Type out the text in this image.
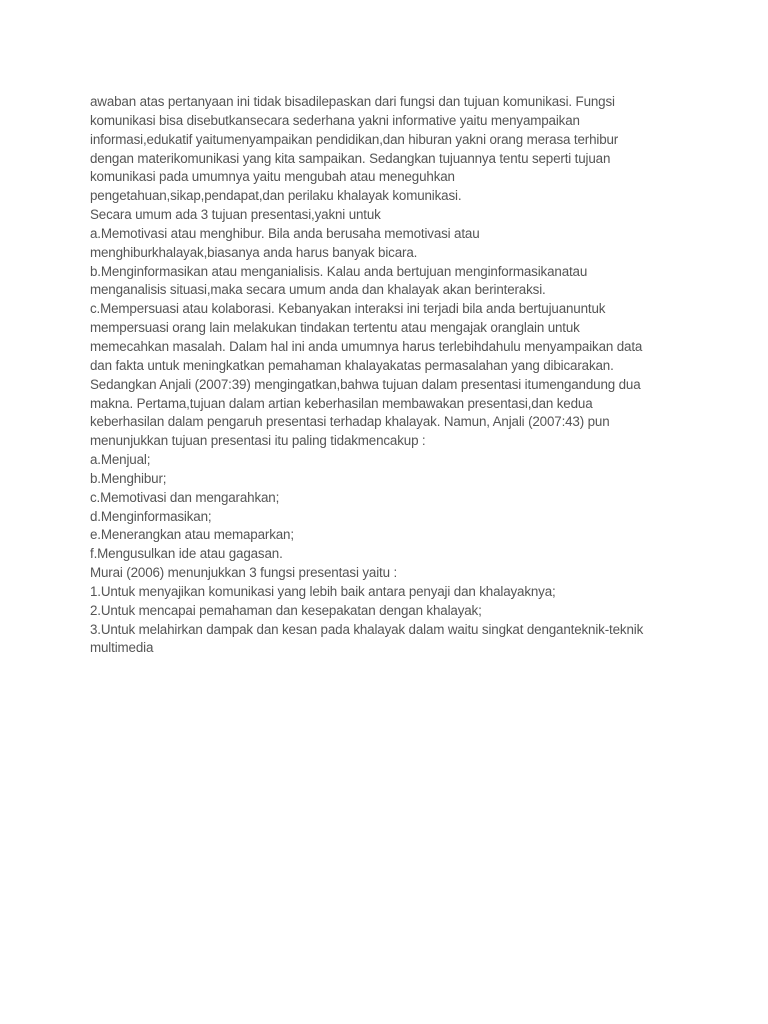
awaban atas pertanyaan ini tidak bisadilepaskan dari fungsi dan tujuan komunikasi. Fungsi
komunikasi bisa disebutkansecara sederhana yakni informative yaitu menyampaikan
informasi,edukatif yaitumenyampaikan pendidikan,dan hiburan yakni orang merasa terhibur
dengan materikomunikasi yang kita sampaikan. Sedangkan tujuannya tentu seperti tujuan
komunikasi pada umumnya yaitu mengubah atau meneguhkan
pengetahuan,sikap,pendapat,dan perilaku khalayak komunikasi.
Secara umum ada 3 tujuan presentasi,yakni untuk
a.Memotivasi atau menghibur. Bila anda berusaha memotivasi atau
menghiburkhalayak,biasanya anda harus banyak bicara.
b.Menginformasikan atau menganialisis. Kalau anda bertujuan menginformasikanatau
menganalisis situasi,maka secara umum anda dan khalayak akan berinteraksi.
c.Mempersuasi atau kolaborasi. Kebanyakan interaksi ini terjadi bila anda bertujuanuntuk
mempersuasi orang lain melakukan tindakan tertentu atau mengajak oranglain untuk
memecahkan masalah. Dalam hal ini anda umumnya harus terlebihdahulu menyampaikan data
dan fakta untuk meningkatkan pemahaman khalayakatas permasalahan yang dibicarakan.
Sedangkan Anjali (2007:39) mengingatkan,bahwa tujuan dalam presentasi itumengandung dua
makna. Pertama,tujuan dalam artian keberhasilan membawakan presentasi,dan kedua
keberhasilan dalam pengaruh presentasi terhadap khalayak. Namun, Anjali (2007:43) pun
menunjukkan tujuan presentasi itu paling tidakmencakup :
a.Menjual;
b.Menghibur;
c.Memotivasi dan mengarahkan;
d.Menginformasikan;
e.Menerangkan atau memaparkan;
f.Mengusulkan ide atau gagasan.
Murai (2006) menunjukkan 3 fungsi presentasi yaitu :
1.Untuk menyajikan komunikasi yang lebih baik antara penyaji dan khalayaknya;
2.Untuk mencapai pemahaman dan kesepakatan dengan khalayak;
3.Untuk melahirkan dampak dan kesan pada khalayak dalam waitu singkat denganteknik-teknik
multimedia
